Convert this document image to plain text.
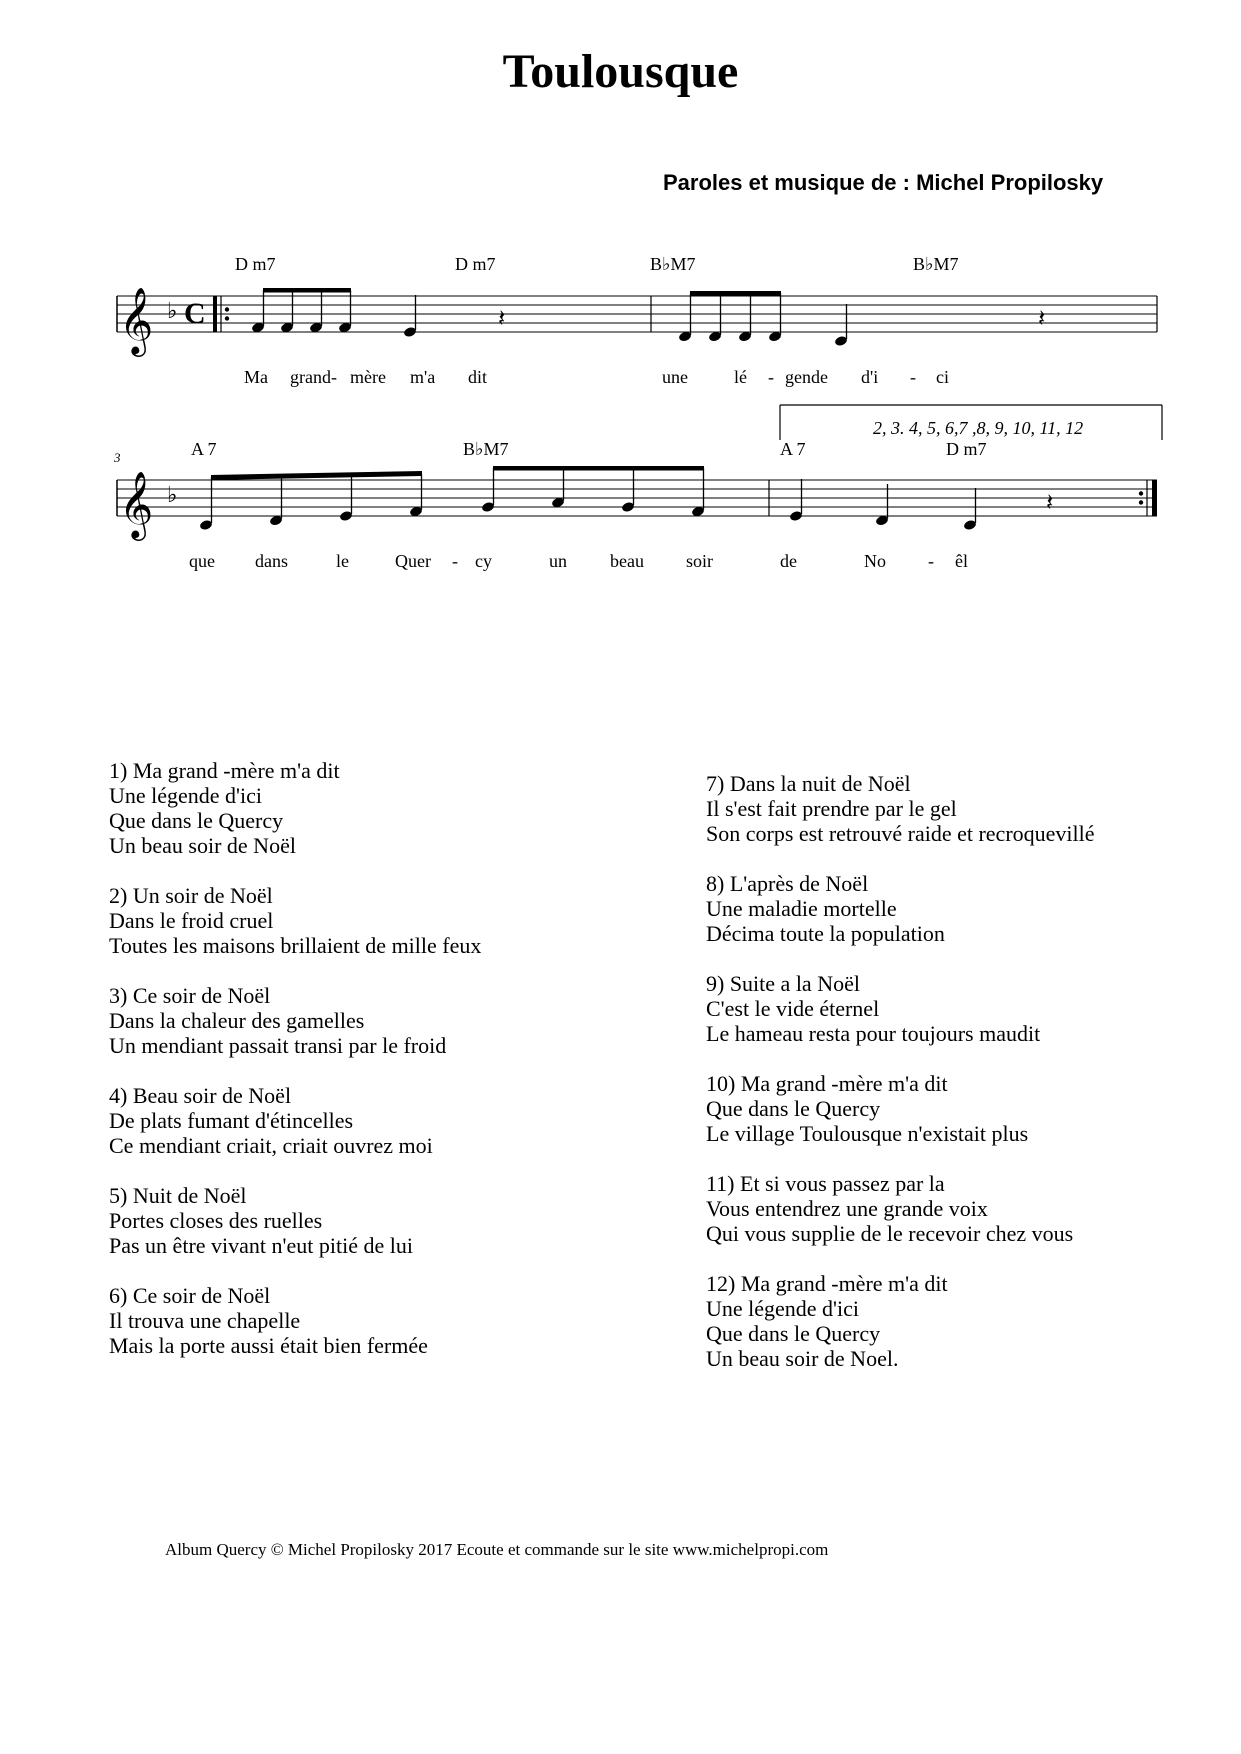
Toulousque
Paroles et musique de : Michel Propilosky
𝄞 ♭ C	𝄽	𝄽
D m7	D m7	B♭M7	B♭M7
Ma grand- mère m'a dit	une	lé - gende d'i - ci
3
𝄞 ♭	𝄽
2, 3. 4, 5, 6,7 ,8, 9, 10, 11, 12
A 7	B♭M7	A 7	D m7
que dans	le	Quer - cy	un beau soir	de	No - êl
1) Ma grand -mère m'a dit
Une légende d'ici
Que dans le Quercy
Un beau soir de Noël
2) Un soir de Noël
Dans le froid cruel
Toutes les maisons brillaient de mille feux
3) Ce soir de Noël
Dans la chaleur des gamelles
Un mendiant passait transi par le froid
4) Beau soir de Noël
De plats fumant d'étincelles
Ce mendiant criait, criait ouvrez moi
5) Nuit de Noël
Portes closes des ruelles
Pas un être vivant n'eut pitié de lui
6) Ce soir de Noël
Il trouva une chapelle
Mais la porte aussi était bien fermée
7) Dans la nuit de Noël
Il s'est fait prendre par le gel
Son corps est retrouvé raide et recroquevillé
8) L'après de Noël
Une maladie mortelle
Décima toute la population
9) Suite a la Noël
C'est le vide éternel
Le hameau resta pour toujours maudit
10) Ma grand -mère m'a dit
Que dans le Quercy
Le village Toulousque n'existait plus
11) Et si vous passez par la
Vous entendrez une grande voix
Qui vous supplie de le recevoir chez vous
12) Ma grand -mère m'a dit
Une légende d'ici
Que dans le Quercy
Un beau soir de Noel.
Album Quercy © Michel Propilosky 2017 Ecoute et commande sur le site www.michelpropi.com
